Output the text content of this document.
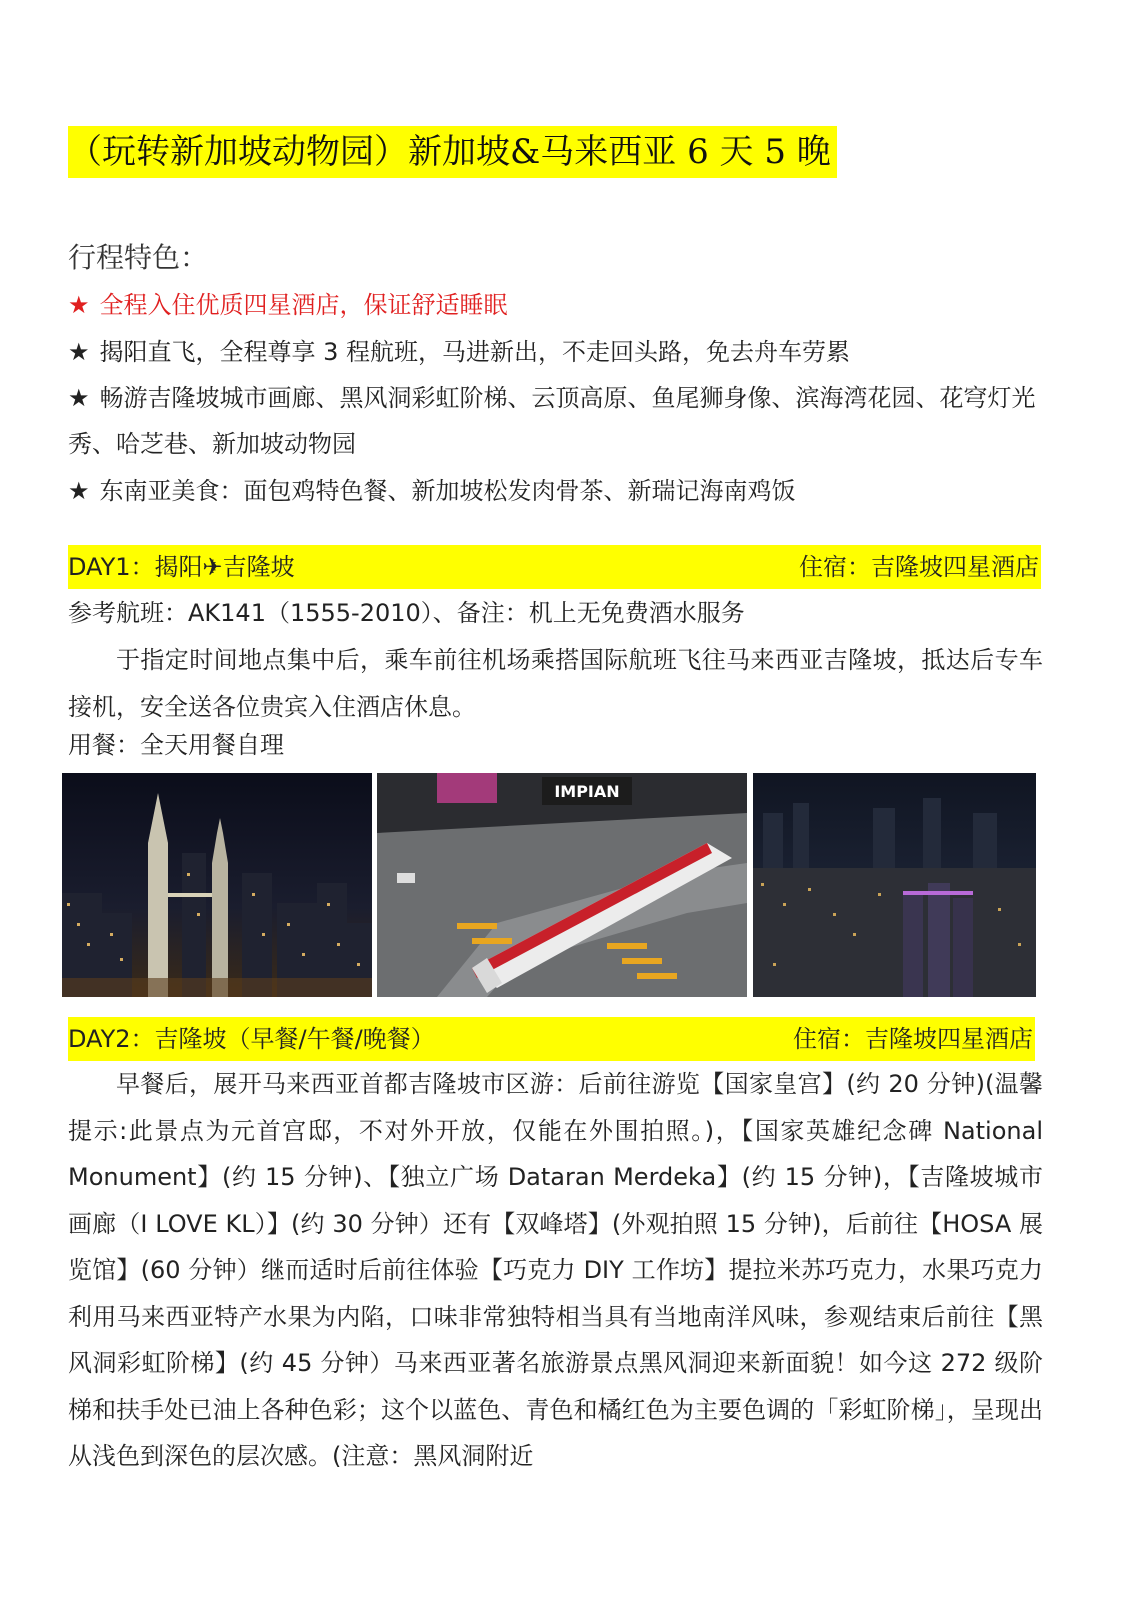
（玩转新加坡动物园）新加坡&马来西亚 6 天 5 晚
行程特色：
★ 全程入住优质四星酒店，保证舒适睡眠
★ 揭阳直飞，全程尊享 3 程航班，马进新出，不走回头路，免去舟车劳累
★ 畅游吉隆坡城市画廊、黑风洞彩虹阶梯、云顶高原、鱼尾狮身像、滨海湾花园、花穹灯光秀、哈芝巷、新加坡动物园
★ 东南亚美食：面包鸡特色餐、新加坡松发肉骨茶、新瑞记海南鸡饭
DAY1：揭阳✈吉隆坡	住宿：吉隆坡四星酒店
参考航班：AK141（1555-2010）、备注：机上无免费酒水服务
于指定时间地点集中后，乘车前往机场乘搭国际航班飞往马来西亚吉隆坡，抵达后专车接机，安全送各位贵宾入住酒店休息。
用餐：全天用餐自理
IMPIAN
DAY2：吉隆坡（早餐/午餐/晚餐）	住宿：吉隆坡四星酒店
早餐后，展开马来西亚首都吉隆坡市区游：后前往游览【国家皇宫】(约 20 分钟)(温馨提示:此景点为元首宫邸，不对外开放，仅能在外围拍照。)，【国家英雄纪念碑 National Monument】(约 15 分钟)、【独立广场 Dataran Merdeka】(约 15 分钟)，【吉隆坡城市画廊（I LOVE KL）】(约 30 分钟）还有【双峰塔】(外观拍照 15 分钟)，后前往【HOSA 展览馆】(60 分钟）继而适时后前往体验【巧克力 DIY 工作坊】提拉米苏巧克力，水果巧克力利用马来西亚特产水果为内陷，口味非常独特相当具有当地南洋风味，参观结束后前往【黑风洞彩虹阶梯】(约 45 分钟）马来西亚著名旅游景点黑风洞迎来新面貌！如今这 272 级阶梯和扶手处已油上各种色彩；这个以蓝色、青色和橘红色为主要色调的「彩虹阶梯」，呈现出从浅色到深色的层次感。(注意：黑风洞附近
